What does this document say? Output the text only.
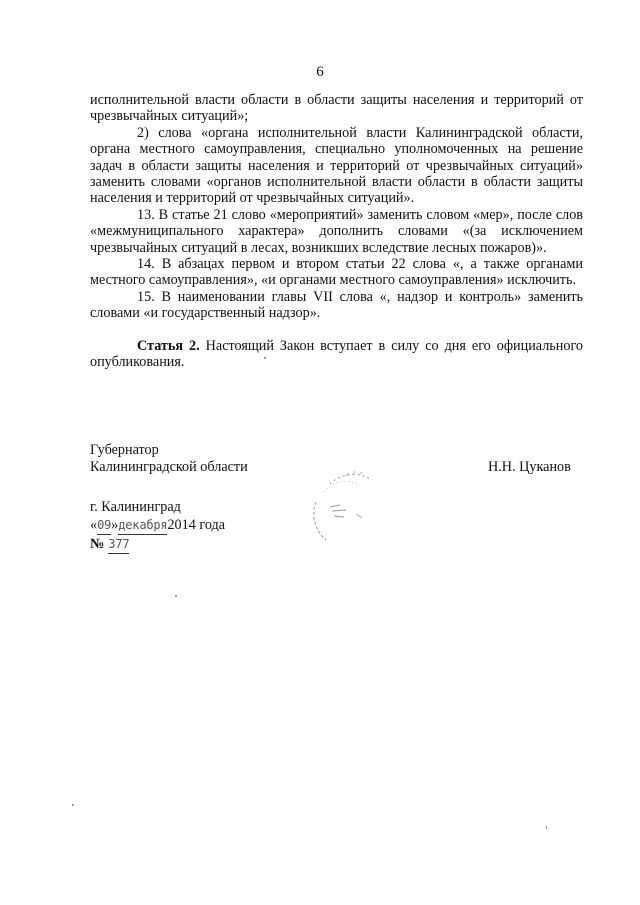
6

исполнительной власти области в области защиты населения и территорий от чрезвычайных ситуаций»;

2) слова «органа исполнительной власти Калининградской области, органа местного самоуправления, специально уполномоченных на решение задач в области защиты населения и территорий от чрезвычайных ситуаций» заменить словами «органов исполнительной власти области в области защиты населения и территорий от чрезвычайных ситуаций».

13. В статье 21 слово «мероприятий» заменить словом «мер», после слов «межмуниципального характера» дополнить словами «(за исключением чрезвычайных ситуаций в лесах, возникших вследствие лесных пожаров)».

14. В абзацах первом и втором статьи 22 слова «, а также органами местного самоуправления», «и органами местного самоуправления» исключить.

15. В наименовании главы VII слова «, надзор и контроль» заменить словами «и государственный надзор».

Статья 2. Настоящий Закон вступает в силу со дня его официального опубликования.

Губернатор
Калининградской области	Н.Н. Цуканов
г. Калининград
« 09 » декабря 2014 года
№ 377
